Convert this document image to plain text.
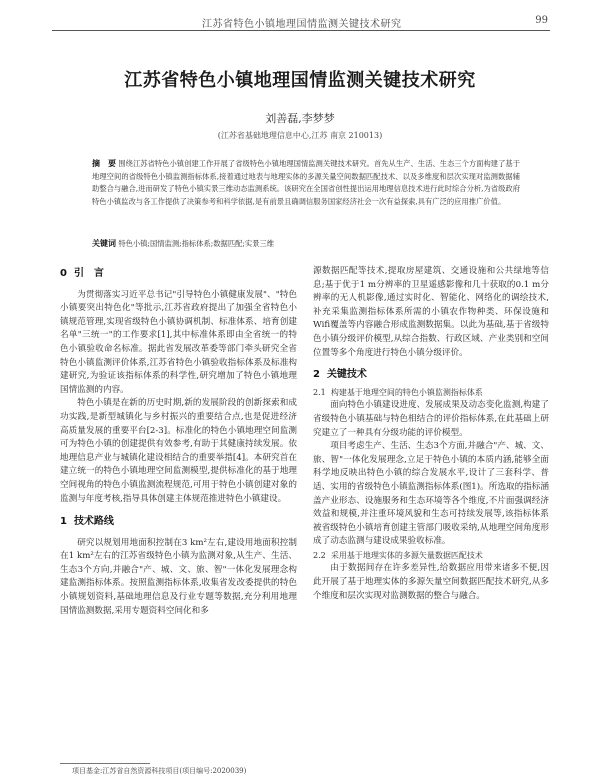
江苏省特色小镇地理国情监测关键技术研究	99
江苏省特色小镇地理国情监测关键技术研究
刘善磊,李梦梦
(江苏省基础地理信息中心,江苏 南京 210013)
摘　要 围绕江苏省特色小镇创建工作开展了省级特色小镇地理国情监测关键技术研究。首先从生产、生活、生态三个方面构建了基于地理空间的省级特色小镇监测指标体系,接着通过地表与地理实体的多源关量空间数据匹配技术、以及多维度和层次实现对监测数据辅助整合与融合,进而研发了特色小镇实景三维动态监测系统。该研究在全国省创性提出运用地理信息技术进行此时综合分析,为省级政府特色小镇监改与各工作提供了决策参考和科学依据,是有前景且确调信服务国家经济社会一次有益探索,具有广泛的应用推广价值。
关键词 特色小镇;国情监测;指标体系;数据匹配;实景三维
0 引　言

为贯彻落实习近平总书记"引导特色小镇健康发展"、"特色小镇要突出特色化"等批示,江苏省政府提出了加强全省特色小镇规范管理,实现省级特色小镇协调机制、标准体系、培育创建名单"三统一"的工作要求[1],其中标准体系即由全省统一的特色小镇验收命名标准。据此省发展改革委等部门牵头研究全省特色小镇监测评价体系,江苏省特色小镇验收指标体系及标准构建研究,为验证该指标体系的科学性,研究增加了特色小镇地理国情监测的内容。

特色小镇是在新的历史时期,新的发展阶段的创新探索和成功实践,是新型城镇化与乡村振兴的重要结合点,也是促进经济高质量发展的重要平台[2-3]。标准化的特色小镇地理空间监测可为特色小镇的创建提供有效参考,有助于其健康持续发展。依地理信息产业与城镇化建设相结合的重要举措[4]。本研究首在建立统一的特色小镇地理空间监测模型,提供标准化的基于地理空间视角的特色小镇监测流程规范,可用于特色小镇创建对象的监测与年度考核,指导具体创建主体规范推进特色小镇建设。

1 技术路线

研究以规划用地面积控制在3 km²左右,建设用地面积控制在1 km²左右的江苏省级特色小镇为监测对象,从生产、生活、生态3个方向,并融合"产、城、文、旅、智"一体化发展理念构建监测指标体系。按照监测指标体系,收集省发改委提供的特色小镇规划资料,基础地理信息及行业专题等数据,充分利用地理国情监测数据,采用专题资料空间化和多

源数据匹配等技术,提取房屋建筑、交通设施和公共绿地等信息;基于优于1 m分辨率的卫星遥感影像和几十获取的0.1 m分辨率的无人机影像,通过实时化、智能化、网络化的调绘技术,补充采集监测指标体系所需的小镇农作物种类、环保设施和Wifi覆盖等内容融合形成监测数据集。以此为基础,基于省级特色小镇分级评价模型,从综合指数、行政区域、产业类别和空间位置等多个角度进行特色小镇分级评价。

2 关键技术
2.1 构建基于地理空间的特色小镇监测指标体系

面向特色小镇建设进度、发展成果及动态变化监测,构建了省级特色小镇基础与特色相结合的评价指标体系,在此基础上研究建立了一种具有分级功能的评价模型。

项目考虑生产、生活、生态3个方面,并融合"产、城、文、旅、智"一体化发展理念,立足于特色小镇的本质内涵,能够全面科学地反映出特色小镇的综合发展水平,设计了三套科学、普适、实用的省级特色小镇监测指标体系(图1)。所选取的指标涵盖产业形态、设施服务和生态环境等各个维度,不片面强调经济效益和规模,并注重环境风貌和生态可持续发展等,该指标体系被省级特色小镇培育创建主管部门吸收采纳,从地理空间角度形成了动态监测与建设成果验收标准。

2.2 采用基于地理实体的多源矢量数据匹配技术

由于数据间存在许多差异性,给数据应用带来诸多不便,因此开展了基于地理实体的多源矢量空间数据匹配技术研究,从多个维度和层次实现对监测数据的整合与融合。

项目基金:江苏省自然资源科技项目(项目编号:2020039)
